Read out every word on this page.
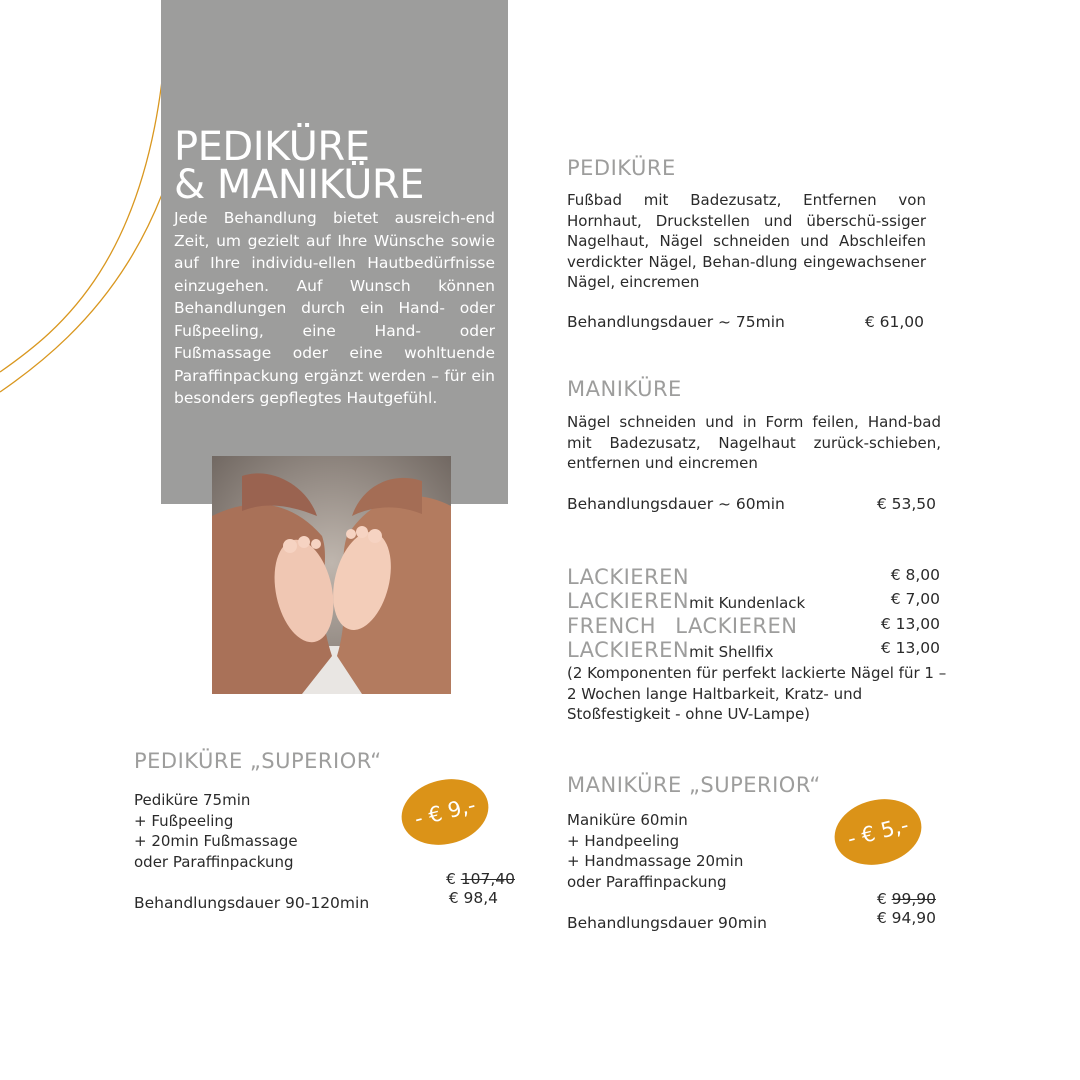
PEDIKÜRE
& MANIKÜRE

Jede Behandlung bietet ausreich-end Zeit, um gezielt auf Ihre Wünsche sowie auf Ihre individu-ellen Hautbedürfnisse einzugehen. Auf Wunsch können Behandlungen durch ein Hand- oder Fußpeeling, eine Hand- oder Fußmassage oder eine wohltuende Paraffinpackung ergänzt werden – für ein besonders gepflegtes Hautgefühl.

PEDIKÜRE

Fußbad mit Badezusatz, Entfernen von Hornhaut, Druckstellen und überschü-ssiger Nagelhaut, Nägel schneiden und Abschleifen verdickter Nägel, Behan-dlung eingewachsener Nägel, eincremen

Behandlungsdauer ~ 75min	€ 61,00
MANIKÜRE

Nägel schneiden und in Form feilen, Hand-bad mit Badezusatz, Nagelhaut zurück-schieben, entfernen und eincremen

Behandlungsdauer ~ 60min	€ 53,50
LACKIEREN	€ 8,00
LACKIERENmit Kundenlack	€ 7,00
FRENCH LACKIEREN	€ 13,00
LACKIERENmit Shellfix	€ 13,00

(2 Komponenten für perfekt lackierte Nägel für 1 – 2 Wochen lange Haltbarkeit, Kratz- und Stoßfestigkeit - ohne UV-Lampe)

PEDIKÜRE „SUPERIOR“
Pediküre 75min
+ Fußpeeling
+ 20min Fußmassage
oder Paraffinpackung
- € 9,-
€ 107,40
€ 98,4
Behandlungsdauer 90-120min
MANIKÜRE „SUPERIOR“
Maniküre 60min
+ Handpeeling
+ Handmassage 20min
oder Paraffinpackung
- € 5,-
€ 99,90
€ 94,90
Behandlungsdauer 90min
